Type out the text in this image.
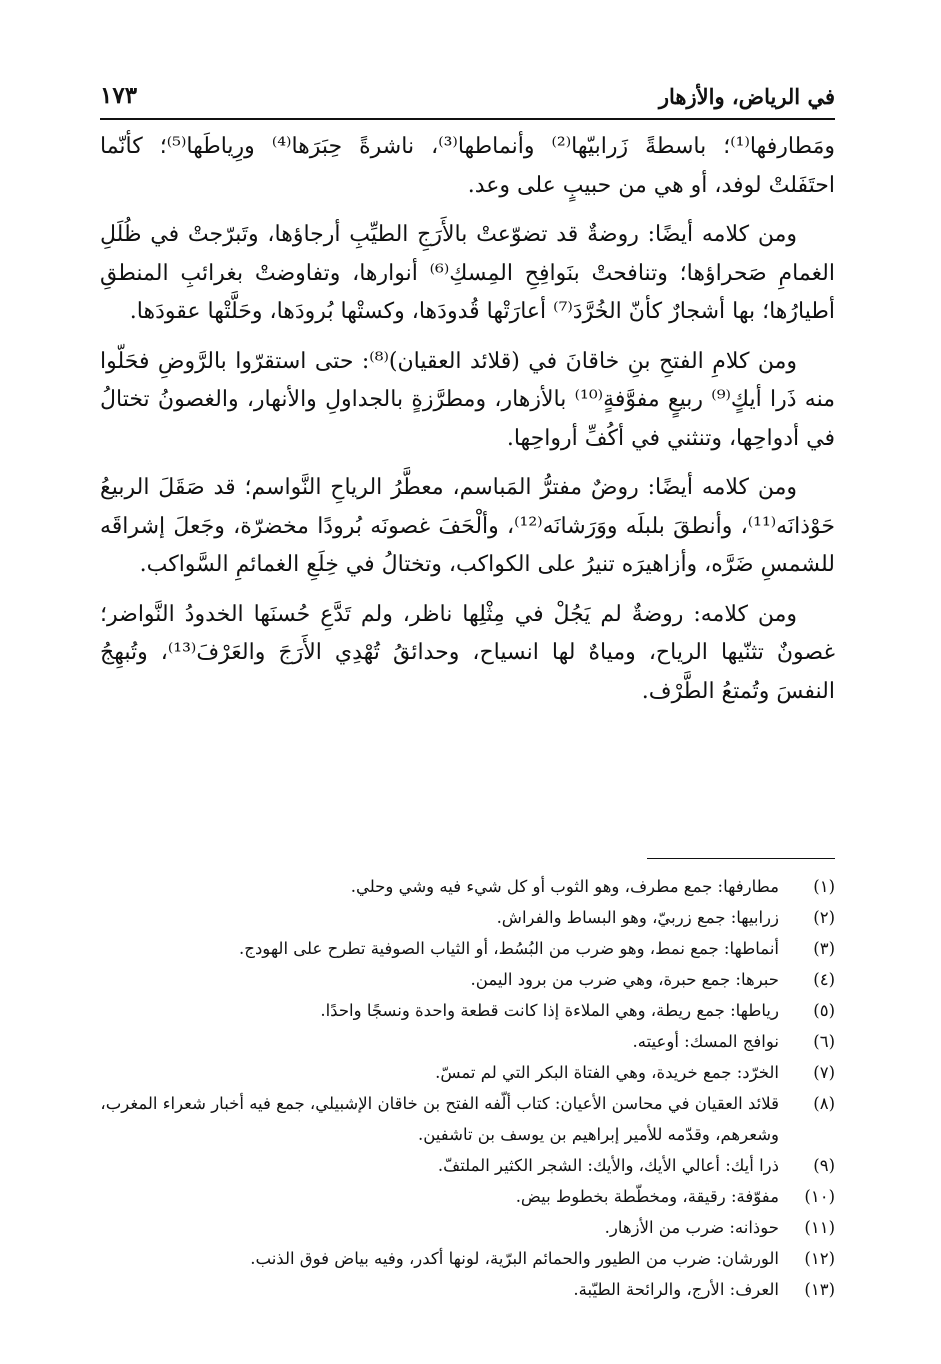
في الرياض، والأزهار
١٧٣

ومَطارفها⁽¹⁾؛ باسطةً زَرابيّها⁽²⁾ وأنماطها⁽³⁾، ناشرةً حِبَرَها⁽⁴⁾ ورِياطَها⁽⁵⁾؛ كأنّما احتَفَلتْ لوفد، أو هي من حبيبٍ على وعد.

ومن كلامه أيضًا: روضةٌ قد تضوّعتْ بالأَرَجِ الطيِّبِ أرجاؤها، وتَبرّجتْ في ظُلَلِ الغمامِ صَحراؤها؛ وتنافحتْ بنَوافِحِ المِسكِ⁽⁶⁾ أنوارها، وتفاوضتْ بغرائبِ المنطقِ أطيارُها؛ بها أشجارٌ كأنّ الخُرَّدَ⁽⁷⁾ أعارَتْها قُدودَها، وكستْها بُرودَها، وحَلَّتْها عقودَها.

ومن كلامِ الفتحِ بنِ خاقانَ في (قلائد العقيان)⁽⁸⁾: حتى استقرّوا بالرَّوضِ فحَلّوا منه ذَرا أيكٍ⁽⁹⁾ ربيعٍ مفوَّفةٍ⁽¹⁰⁾ بالأزهار، ومطرَّزةٍ بالجداولِ والأنهار، والغصونُ تختالُ في أدواحِها، وتنثني في أكُفِّ أرواحِها.

ومن كلامه أيضًا: روضٌ مفترُّ المَباسم، معطَّرُ الرياحِ النَّواسم؛ قد صَقَلَ الربيعُ حَوْذانَه⁽¹¹⁾، وأنطقَ بلبلَه ووَرَشانَه⁽¹²⁾، وألْحَفَ غصونَه بُرودًا مخضرّة، وجَعلَ إشراقَه للشمسِ ضَرَّه، وأزاهيرَه تنيرُ على الكواكب، وتختالُ في خِلَعِ الغمائمِ السَّواكب.

ومن كلامه: روضةٌ لم يَجُلْ في مِثْلِها ناظر، ولم تَدَّعِ حُسنَها الخدودُ النَّواضر؛ غصونٌ تثنّيها الرياح، ومياهٌ لها انسياح، وحدائقُ تُهْدِي الأَرَجَ والعَرْفَ⁽¹³⁾، وتُبهِجُ النفسَ وتُمتعُ الطَّرْف.

(١)
مطارفها: جمع مطرف، وهو الثوب أو كل شيء فيه وشي وحلي.
(٢)
زرابيها: جمع زربيّ، وهو البساط والفراش.
(٣)
أنماطها: جمع نمط، وهو ضرب من البُسُط، أو الثياب الصوفية تطرح على الهودج.
(٤)
حبرها: جمع حبرة، وهي ضرب من برود اليمن.
(٥)
رياطها: جمع ريطة، وهي الملاءة إذا كانت قطعة واحدة ونسجًا واحدًا.
(٦)
نوافج المسك: أوعيته.
(٧)
الخرّد: جمع خريدة، وهي الفتاة البكر التي لم تمسّ.
(٨)
قلائد العقيان في محاسن الأعيان: كتاب ألّفه الفتح بن خاقان الإشبيلي، جمع فيه أخبار شعراء المغرب، وشعرهم، وقدّمه للأمير إبراهيم بن يوسف بن تاشفين.
(٩)
ذرا أيك: أعالي الأيك، والأيك: الشجر الكثير الملتفّ.
(١٠)
مفوّفة: رقيقة، ومخطّطة بخطوط بيض.
(١١)
حوذانه: ضرب من الأزهار.
(١٢)
الورشان: ضرب من الطيور والحمائم البرّية، لونها أكدر، وفيه بياض فوق الذنب.
(١٣)
العرف: الأرج، والرائحة الطيّبة.
